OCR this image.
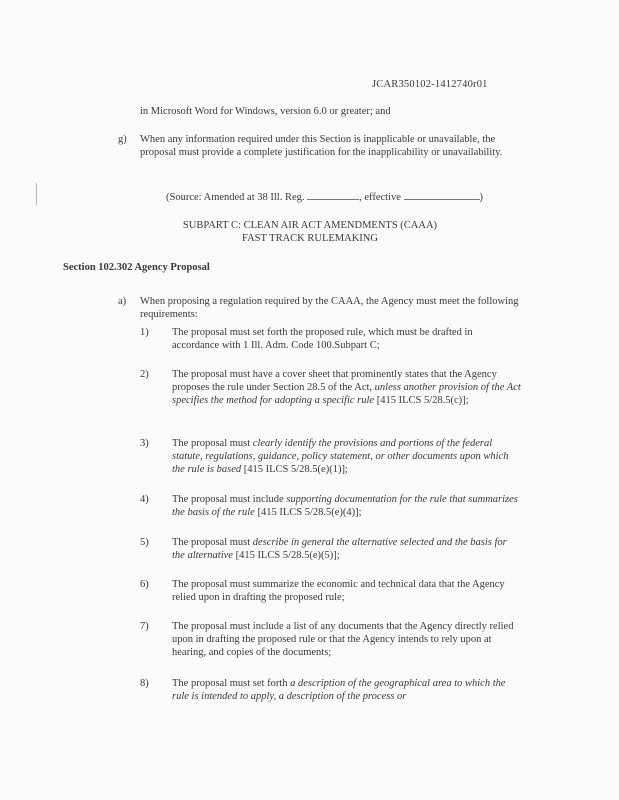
JCAR350102-1412740r01
in Microsoft Word for Windows, version 6.0 or greater; and
g) When any information required under this Section is inapplicable or unavailable, the proposal must provide a complete justification for the inapplicability or unavailability.
(Source: Amended at 38 Ill. Reg.	, effective	)
SUBPART C: CLEAN AIR ACT AMENDMENTS (CAAA)
FAST TRACK RULEMAKING
Section 102.302 Agency Proposal
a) When proposing a regulation required by the CAAA, the Agency must meet the following requirements:
1) The proposal must set forth the proposed rule, which must be drafted in accordance with 1 Ill. Adm. Code 100.Subpart C;
2) The proposal must have a cover sheet that prominently states that the Agency proposes the rule under Section 28.5 of the Act, unless another provision of the Act specifies the method for adopting a specific rule [415 ILCS 5/28.5(c)];
3) The proposal must clearly identify the provisions and portions of the federal statute, regulations, guidance, policy statement, or other documents upon which the rule is based [415 ILCS 5/28.5(e)(1)];
4) The proposal must include supporting documentation for the rule that summarizes the basis of the rule [415 ILCS 5/28.5(e)(4)];
5) The proposal must describe in general the alternative selected and the basis for the alternative [415 ILCS 5/28.5(e)(5)];
6) The proposal must summarize the economic and technical data that the Agency relied upon in drafting the proposed rule;
7) The proposal must include a list of any documents that the Agency directly relied upon in drafting the proposed rule or that the Agency intends to rely upon at hearing, and copies of the documents;
8) The proposal must set forth a description of the geographical area to which the rule is intended to apply, a description of the process or
